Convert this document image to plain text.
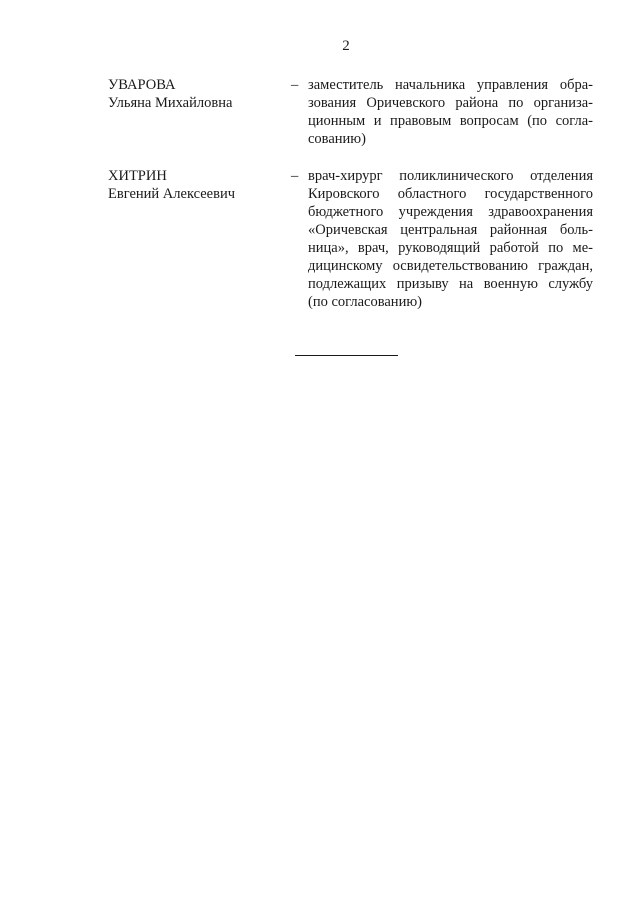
2
УВАРОВА
Ульяна Михайловна
– заместитель начальника управления обра-
зования Оричевского района по организа-
ционным и правовым вопросам (по согла-
сованию)
ХИТРИН
Евгений Алексеевич
– врач-хирург поликлинического отделения
Кировского областного государственного
бюджетного учреждения здравоохранения
«Оричевская центральная районная боль-
ница», врач, руководящий работой по ме-
дицинскому освидетельствованию граждан,
подлежащих призыву на военную службу
(по согласованию)
